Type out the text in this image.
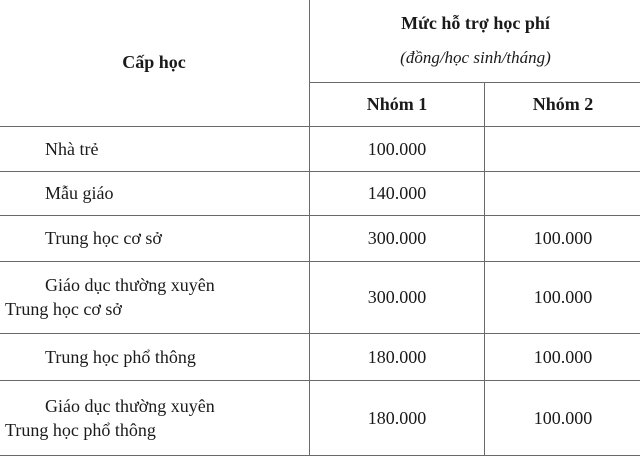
Cấp học	Mức hỗ trợ học phí
(đồng/học sinh/tháng)	

	Nhóm 1	Nhóm 2

Nhà trẻ	100.000	

Mẫu giáo	140.000	

Trung học cơ sở	300.000	100.000

Giáo dục thường xuyên
Trung học cơ sở	300.000	100.000

Trung học phổ thông	180.000	100.000

Giáo dục thường xuyên
Trung học phổ thông	180.000	100.000
